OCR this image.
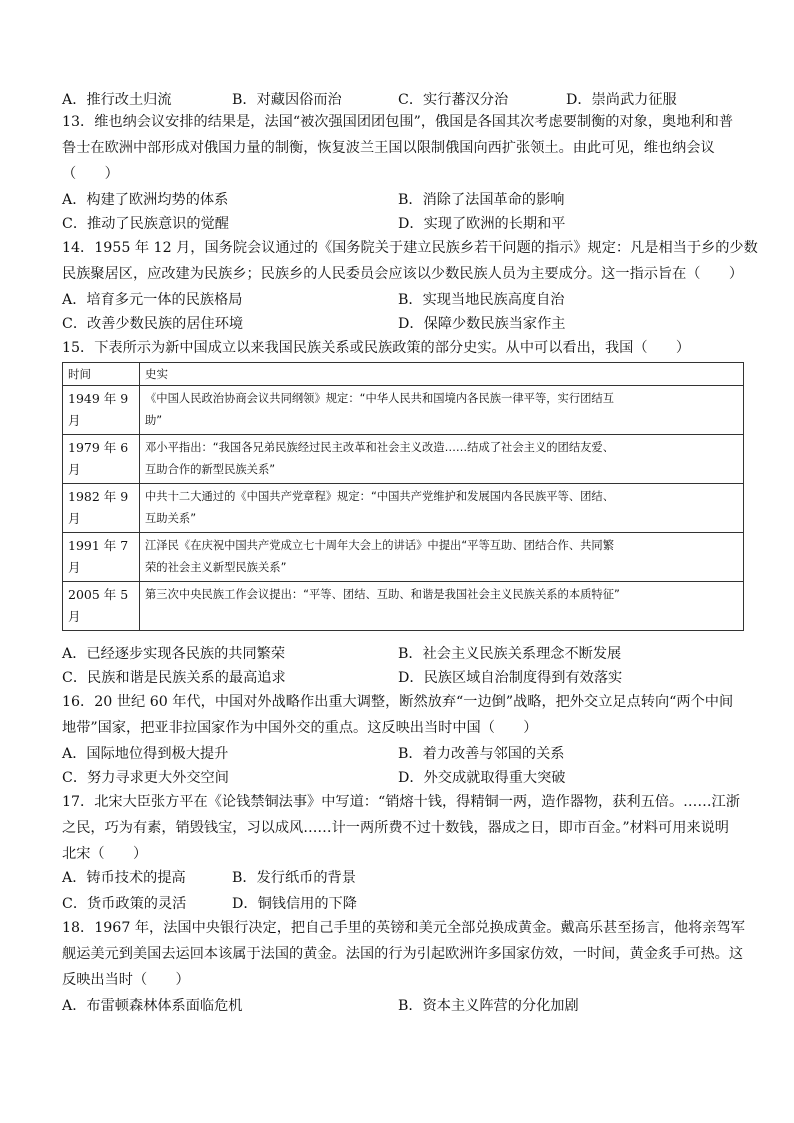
A．推行改土归流	B．对藏因俗而治	C．实行蕃汉分治	D．崇尚武力征服
13．维也纳会议安排的结果是，法国“被次强国团团包围”，俄国是各国其次考虑要制衡的对象，奥地利和普
鲁士在欧洲中部形成对俄国力量的制衡，恢复波兰王国以限制俄国向西扩张领土。由此可见，维也纳会议
（　　）
A．构建了欧洲均势的体系	B．消除了法国革命的影响
C．推动了民族意识的觉醒	D．实现了欧洲的长期和平
14．1955 年 12 月，国务院会议通过的《国务院关于建立民族乡若干问题的指示》规定：凡是相当于乡的少数
民族聚居区，应改建为民族乡；民族乡的人民委员会应该以少数民族人员为主要成分。这一指示旨在（　　）
A．培育多元一体的民族格局	B．实现当地民族高度自治
C．改善少数民族的居住环境	D．保障少数民族当家作主
15．下表所示为新中国成立以来我国民族关系或民族政策的部分史实。从中可以看出，我国（　　）
时间	史实
1949 年 9
月	《中国人民政治协商会议共同纲领》规定：“中华人民共和国境内各民族一律平等，实行团结互
助”
1979 年 6
月	邓小平指出：“我国各兄弟民族经过民主改革和社会主义改造……结成了社会主义的团结友爱、
互助合作的新型民族关系”
1982 年 9
月	中共十二大通过的《中国共产党章程》规定：“中国共产党维护和发展国内各民族平等、团结、
互助关系”
1991 年 7
月	江泽民《在庆祝中国共产党成立七十周年大会上的讲话》中提出“平等互助、团结合作、共同繁
荣的社会主义新型民族关系”
2005 年 5
月	第三次中央民族工作会议提出：“平等、团结、互助、和谐是我国社会主义民族关系的本质特征”
A．已经逐步实现各民族的共同繁荣	B．社会主义民族关系理念不断发展
C．民族和谐是民族关系的最高追求	D．民族区域自治制度得到有效落实
16．20 世纪 60 年代，中国对外战略作出重大调整，断然放弃“一边倒”战略，把外交立足点转向“两个中间
地带”国家，把亚非拉国家作为中国外交的重点。这反映出当时中国（　　）
A．国际地位得到极大提升	B．着力改善与邻国的关系
C．努力寻求更大外交空间	D．外交成就取得重大突破
17．北宋大臣张方平在《论钱禁铜法事》中写道：“销熔十钱，得精铜一两，造作器物，获利五倍。……江浙
之民，巧为有素，销毁钱宝，习以成风……计一两所费不过十数钱，器成之日，即市百金。”材料可用来说明
北宋（　　）
A．铸币技术的提高	B．发行纸币的背景
C．货币政策的灵活	D．铜钱信用的下降
18．1967 年，法国中央银行决定，把自己手里的英镑和美元全部兑换成黄金。戴高乐甚至扬言，他将亲驾军
舰运美元到美国去运回本该属于法国的黄金。法国的行为引起欧洲许多国家仿效，一时间，黄金炙手可热。这
反映出当时（　　）
A．布雷顿森林体系面临危机	B．资本主义阵营的分化加剧
